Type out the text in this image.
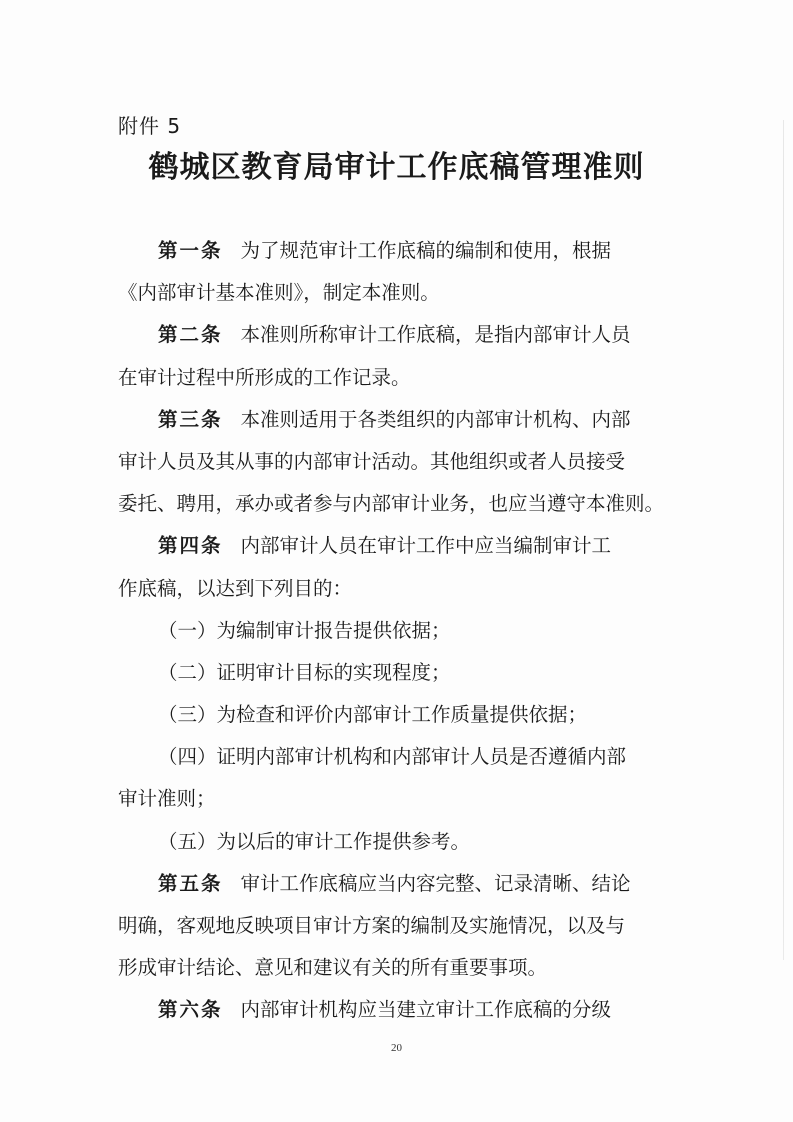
附件 5
鹤城区教育局审计工作底稿管理准则
第一条 为了规范审计工作底稿的编制和使用，根据
《内部审计基本准则》，制定本准则。
第二条 本准则所称审计工作底稿，是指内部审计人员
在审计过程中所形成的工作记录。
第三条 本准则适用于各类组织的内部审计机构、内部
审计人员及其从事的内部审计活动。其他组织或者人员接受
委托、聘用，承办或者参与内部审计业务，也应当遵守本准则。
第四条 内部审计人员在审计工作中应当编制审计工
作底稿，以达到下列目的：
（一）为编制审计报告提供依据；
（二）证明审计目标的实现程度；
（三）为检查和评价内部审计工作质量提供依据；
（四）证明内部审计机构和内部审计人员是否遵循内部
审计准则；
（五）为以后的审计工作提供参考。
第五条 审计工作底稿应当内容完整、记录清晰、结论
明确，客观地反映项目审计方案的编制及实施情况，以及与
形成审计结论、意见和建议有关的所有重要事项。
第六条 内部审计机构应当建立审计工作底稿的分级
20
